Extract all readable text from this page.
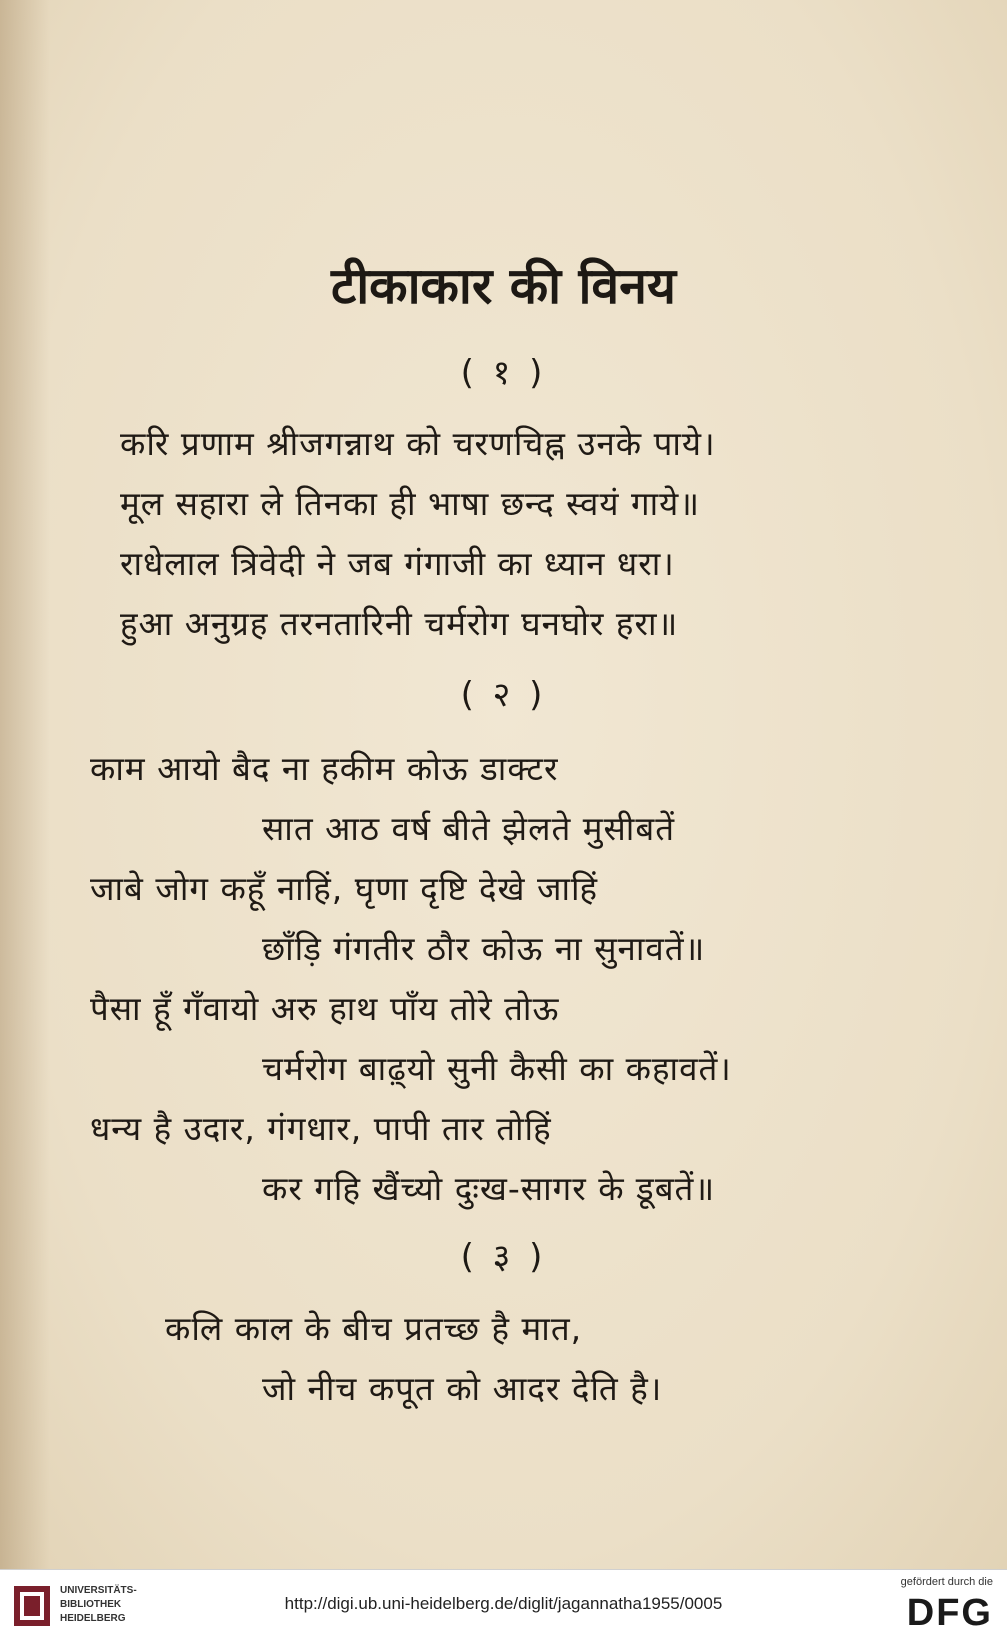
टीकाकार की विनय
( १ )
करि प्रणाम श्रीजगन्नाथ को चरणचिह्न उनके पाये।
मूल सहारा ले तिनका ही भाषा छन्द स्वयं गाये॥
राधेलाल त्रिवेदी ने जब गंगाजी का ध्यान धरा।
हुआ अनुग्रह तरनतारिनी चर्मरोग घनघोर हरा॥
( २ )
काम आयो बैद ना हकीम कोऊ डाक्टर
सात आठ वर्ष बीते झेलते मुसीबतें
जाबे जोग कहूँ नाहिं, घृणा दृष्टि देखे जाहिं
छाँड़ि गंगतीर ठौर कोऊ ना सुनावतें॥
पैसा हूँ गँवायो अरु हाथ पाँय तोरे तोऊ
चर्मरोग बाढ़्यो सुनी कैसी का कहावतें।
धन्य है उदार, गंगधार, पापी तार तोहिं
कर गहि खैंच्यो दुःख-सागर के डूबतें॥
( ३ )
कलि काल के बीच प्रतच्छ है मात,
जो नीच कपूत को आदर देति है।
UNIVERSITÄTS-
BIBLIOTHEK
HEIDELBERG
http://digi.ub.uni-heidelberg.de/diglit/jagannatha1955/0005
gefördert durch die
DFG
